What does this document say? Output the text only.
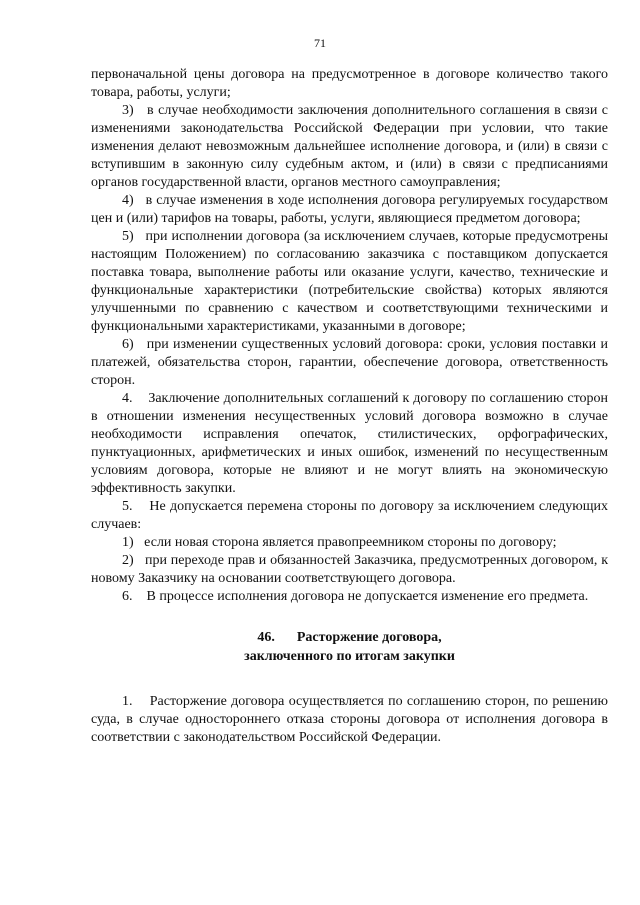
71

первоначальной цены договора на предусмотренное в договоре количество такого товара, работы, услуги;

3)   в случае необходимости заключения дополнительного соглашения в связи с изменениями законодательства Российской Федерации при условии, что такие изменения делают невозможным дальнейшее исполнение договора, и (или) в связи с вступившим в законную силу судебным актом, и (или) в связи с предписаниями органов государственной власти, органов местного самоуправления;

4)   в случае изменения в ходе исполнения договора регулируемых государством цен и (или) тарифов на товары, работы, услуги, являющиеся предметом договора;

5)   при исполнении договора (за исключением случаев, которые предусмотрены настоящим Положением) по согласованию заказчика с поставщиком допускается поставка товара, выполнение работы или оказание услуги, качество, технические и функциональные характеристики (потребительские свойства) которых являются улучшенными по сравнению с качеством и соответствующими техническими и функциональными характеристиками, указанными в договоре;

6)   при изменении существенных условий договора: сроки, условия поставки и платежей, обязательства сторон, гарантии, обеспечение договора, ответственность сторон.

4.    Заключение дополнительных соглашений к договору по соглашению сторон в отношении изменения несущественных условий договора возможно в случае необходимости исправления опечаток, стилистических, орфографических, пунктуационных, арифметических и иных ошибок, изменений по несущественным условиям договора, которые не влияют и не могут влиять на экономическую эффективность закупки.

5.    Не допускается перемена стороны по договору за исключением следующих случаев:

1)   если новая сторона является правопреемником стороны по договору;

2)   при переходе прав и обязанностей Заказчика, предусмотренных договором, к новому Заказчику на основании соответствующего договора.

6.    В процессе исполнения договора не допускается изменение его предмета.

46. Расторжение договора,
заключенного по итогам закупки

1.    Расторжение договора осуществляется по соглашению сторон, по решению суда, в случае одностороннего отказа стороны договора от исполнения договора в соответствии с законодательством Российской Федерации.
